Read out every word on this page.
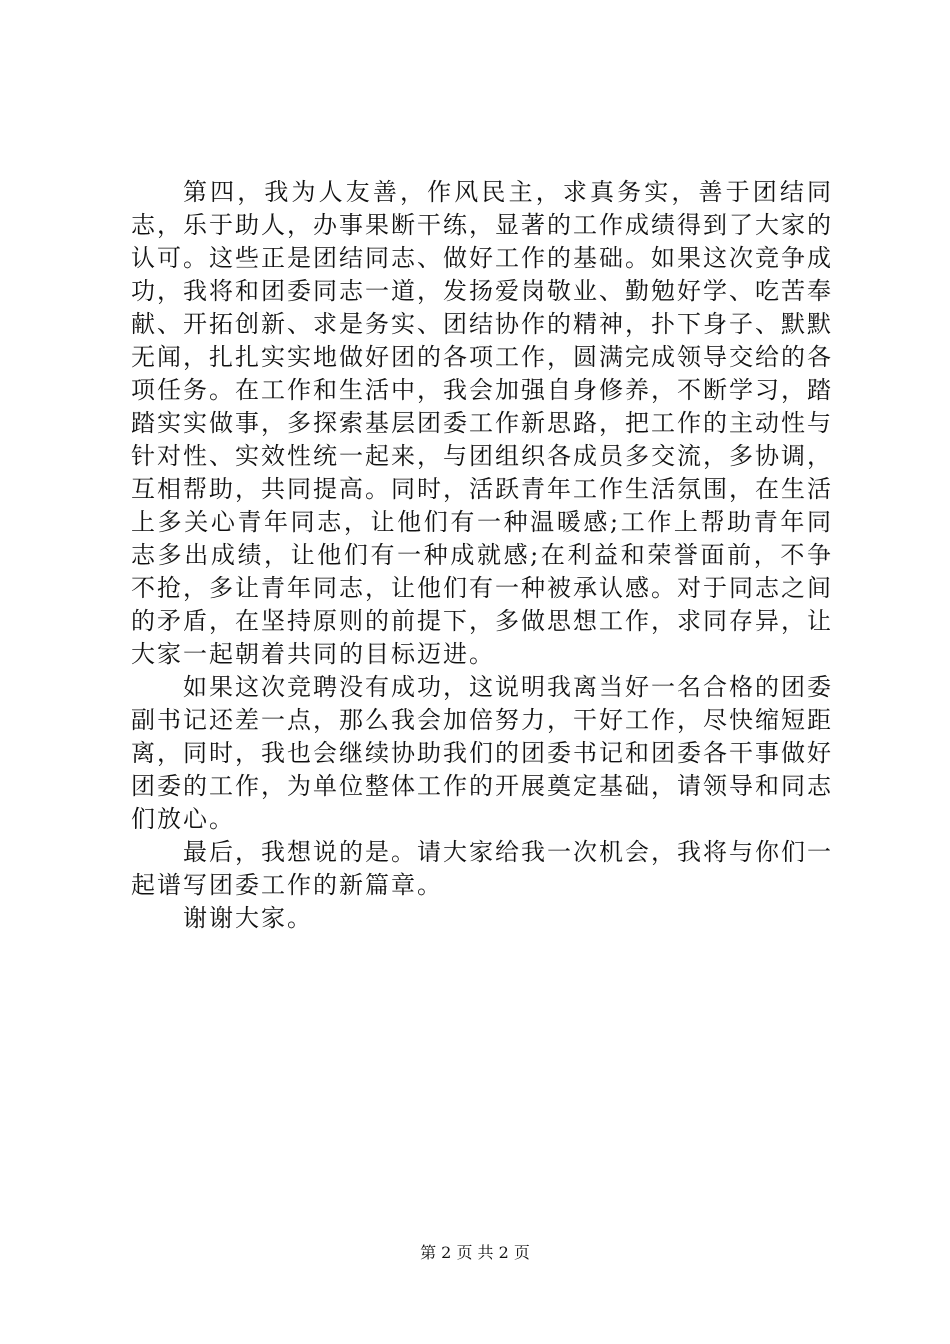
第四，我为人友善，作风民主，求真务实，善于团结同志，乐于助人，办事果断干练，显著的工作成绩得到了大家的认可。这些正是团结同志、做好工作的基础。如果这次竞争成功，我将和团委同志一道，发扬爱岗敬业、勤勉好学、吃苦奉献、开拓创新、求是务实、团结协作的精神，扑下身子、默默无闻，扎扎实实地做好团的各项工作，圆满完成领导交给的各项任务。在工作和生活中，我会加强自身修养，不断学习，踏踏实实做事，多探索基层团委工作新思路，把工作的主动性与针对性、实效性统一起来，与团组织各成员多交流，多协调，互相帮助，共同提高。同时，活跃青年工作生活氛围，在生活上多关心青年同志，让他们有一种温暖感;工作上帮助青年同志多出成绩，让他们有一种成就感;在利益和荣誉面前，不争不抢，多让青年同志，让他们有一种被承认感。对于同志之间的矛盾，在坚持原则的前提下，多做思想工作，求同存异，让大家一起朝着共同的目标迈进。

如果这次竞聘没有成功，这说明我离当好一名合格的团委副书记还差一点，那么我会加倍努力，干好工作，尽快缩短距离，同时，我也会继续协助我们的团委书记和团委各干事做好团委的工作，为单位整体工作的开展奠定基础，请领导和同志们放心。

最后，我想说的是。请大家给我一次机会，我将与你们一起谱写团委工作的新篇章。

谢谢大家。

第 2 页 共 2 页
